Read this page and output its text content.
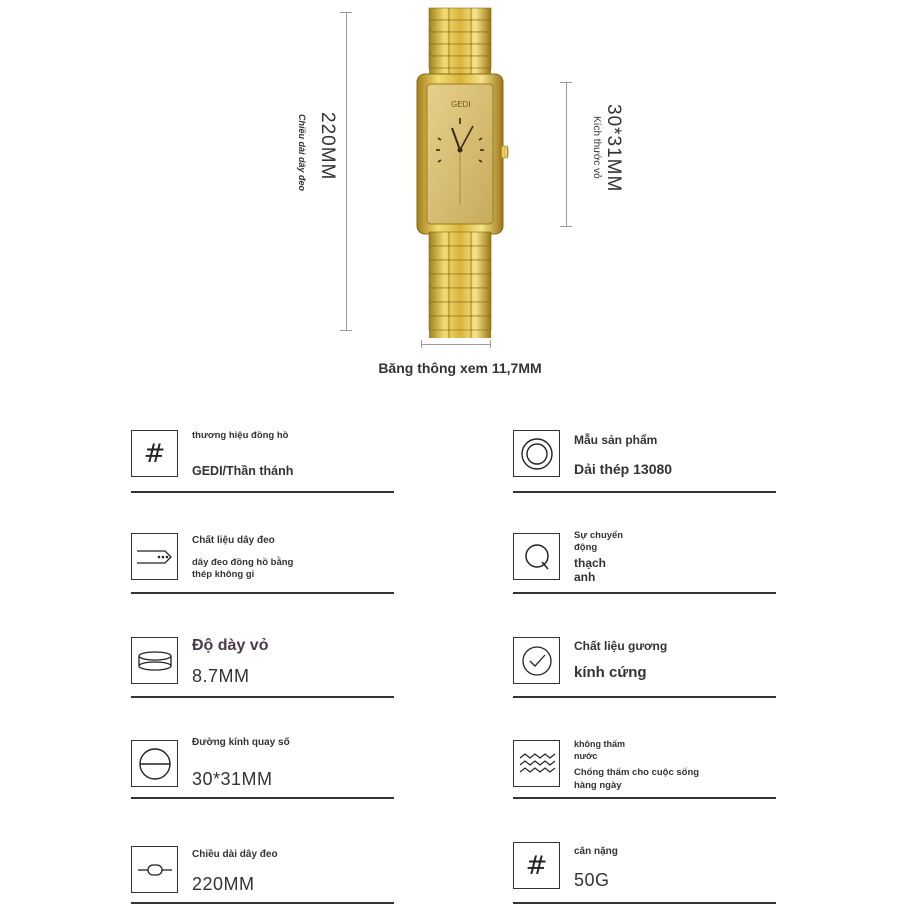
220MM
Chiều dài dây đeo	30*31MM
Kích thước vỏ
GEDI
Băng thông xem 11,7MM
#
thương hiệu đồng hồ
GEDI/Thần thánh
Mẫu sản phẩm
Dải thép 13080
Chất liệu dây đeo
dây đeo đồng hồ bằng thép không gỉ
Sự chuyển động
thạch anh
Độ dày vỏ
8.7MM
Chất liệu gương
kính cứng
Đường kính quay số
30*31MM
không thấm nước
Chống thấm cho cuộc sống hàng ngày
Chiều dài dây đeo
220MM
#	cân nặng
50G
